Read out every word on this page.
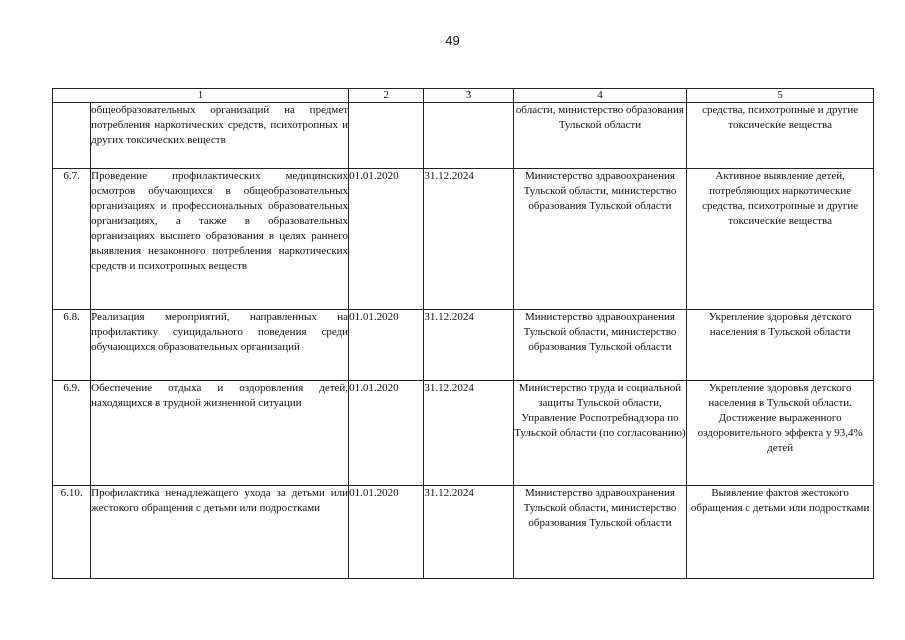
49
1		2	3	4	5
	общеобразовательных организаций на предмет потребления наркотических средств, психотропных и других токсических веществ			области, министерство образования Тульской области	средства, психотропные и другие токсические вещества
6.7.	Проведение профилактических медицинских осмотров обучающихся в общеобразовательных организациях и профессиональных образовательных организациях, а также в образовательных организациях высшего образования в целях раннего выявления незаконного потребления наркотических средств и психотропных веществ	01.01.2020	31.12.2024	Министерство здравоохранения Тульской области, министерство образования Тульской области	Активное выявление детей, потребляющих наркотические средства, психотропные и другие токсические вещества
6.8.	Реализация мероприятий, направленных на профилактику суицидального поведения среди обучающихся образовательных организаций	01.01.2020	31.12.2024	Министерство здравоохранения Тульской области, министерство образования Тульской области	Укрепление здоровья детского населения в Тульской области
6.9.	Обеспечение отдыха и оздоровления детей, находящихся в трудной жизненной ситуации	01.01.2020	31.12.2024	Министерство труда и социальной защиты Тульской области, Управление Роспотребнадзора по Тульской области (по согласованию)	Укрепление здоровья детского населения в Тульской области. Достижение выраженного оздоровительного эффекта у 93,4% детей
6.10.	Профилактика ненадлежащего ухода за детьми или жестокого обращения с детьми или подростками	01.01.2020	31.12.2024	Министерство здравоохранения Тульской области, министерство образования Тульской области	Выявление фактов жестокого обращения с детьми или подростками
